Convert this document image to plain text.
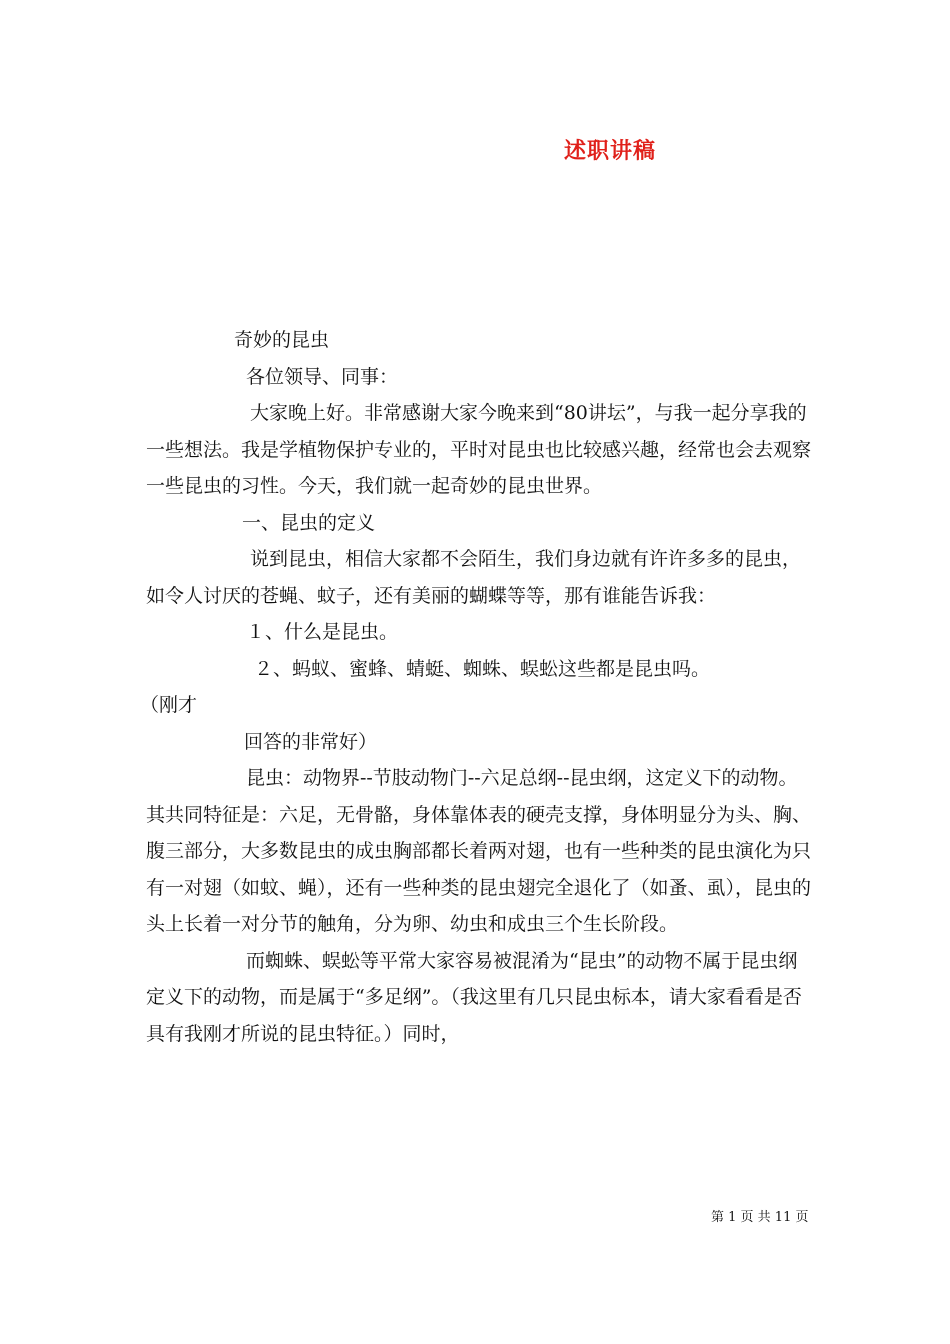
述职讲稿

奇妙的昆虫

各位领导、同事：

大家晚上好。非常感谢大家今晚来到“80讲坛”，与我一起分享我的一些想法。我是学植物保护专业的，平时对昆虫也比较感兴趣，经常也会去观察一些昆虫的习性。今天，我们就一起奇妙的昆虫世界。

一、昆虫的定义

说到昆虫，相信大家都不会陌生，我们身边就有许许多多的昆虫，如令人讨厌的苍蝇、蚊子，还有美丽的蝴蝶等等，那有谁能告诉我：

１、什么是昆虫。

２、蚂蚁、蜜蜂、蜻蜓、蜘蛛、蜈蚣这些都是昆虫吗。

（刚才

回答的非常好）

昆虫：动物界--节肢动物门--六足总纲--昆虫纲，这定义下的动物。其共同特征是：六足，无骨骼，身体靠体表的硬壳支撑，身体明显分为头、胸、腹三部分，大多数昆虫的成虫胸部都长着两对翅，也有一些种类的昆虫演化为只有一对翅（如蚊、蝇），还有一些种类的昆虫翅完全退化了（如蚤、虱），昆虫的头上长着一对分节的触角，分为卵、幼虫和成虫三个生长阶段。

而蜘蛛、蜈蚣等平常大家容易被混淆为“昆虫”的动物不属于昆虫纲定义下的动物，而是属于“多足纲”。（我这里有几只昆虫标本，请大家看看是否具有我刚才所说的昆虫特征。）同时，

第 1 页 共 11 页
